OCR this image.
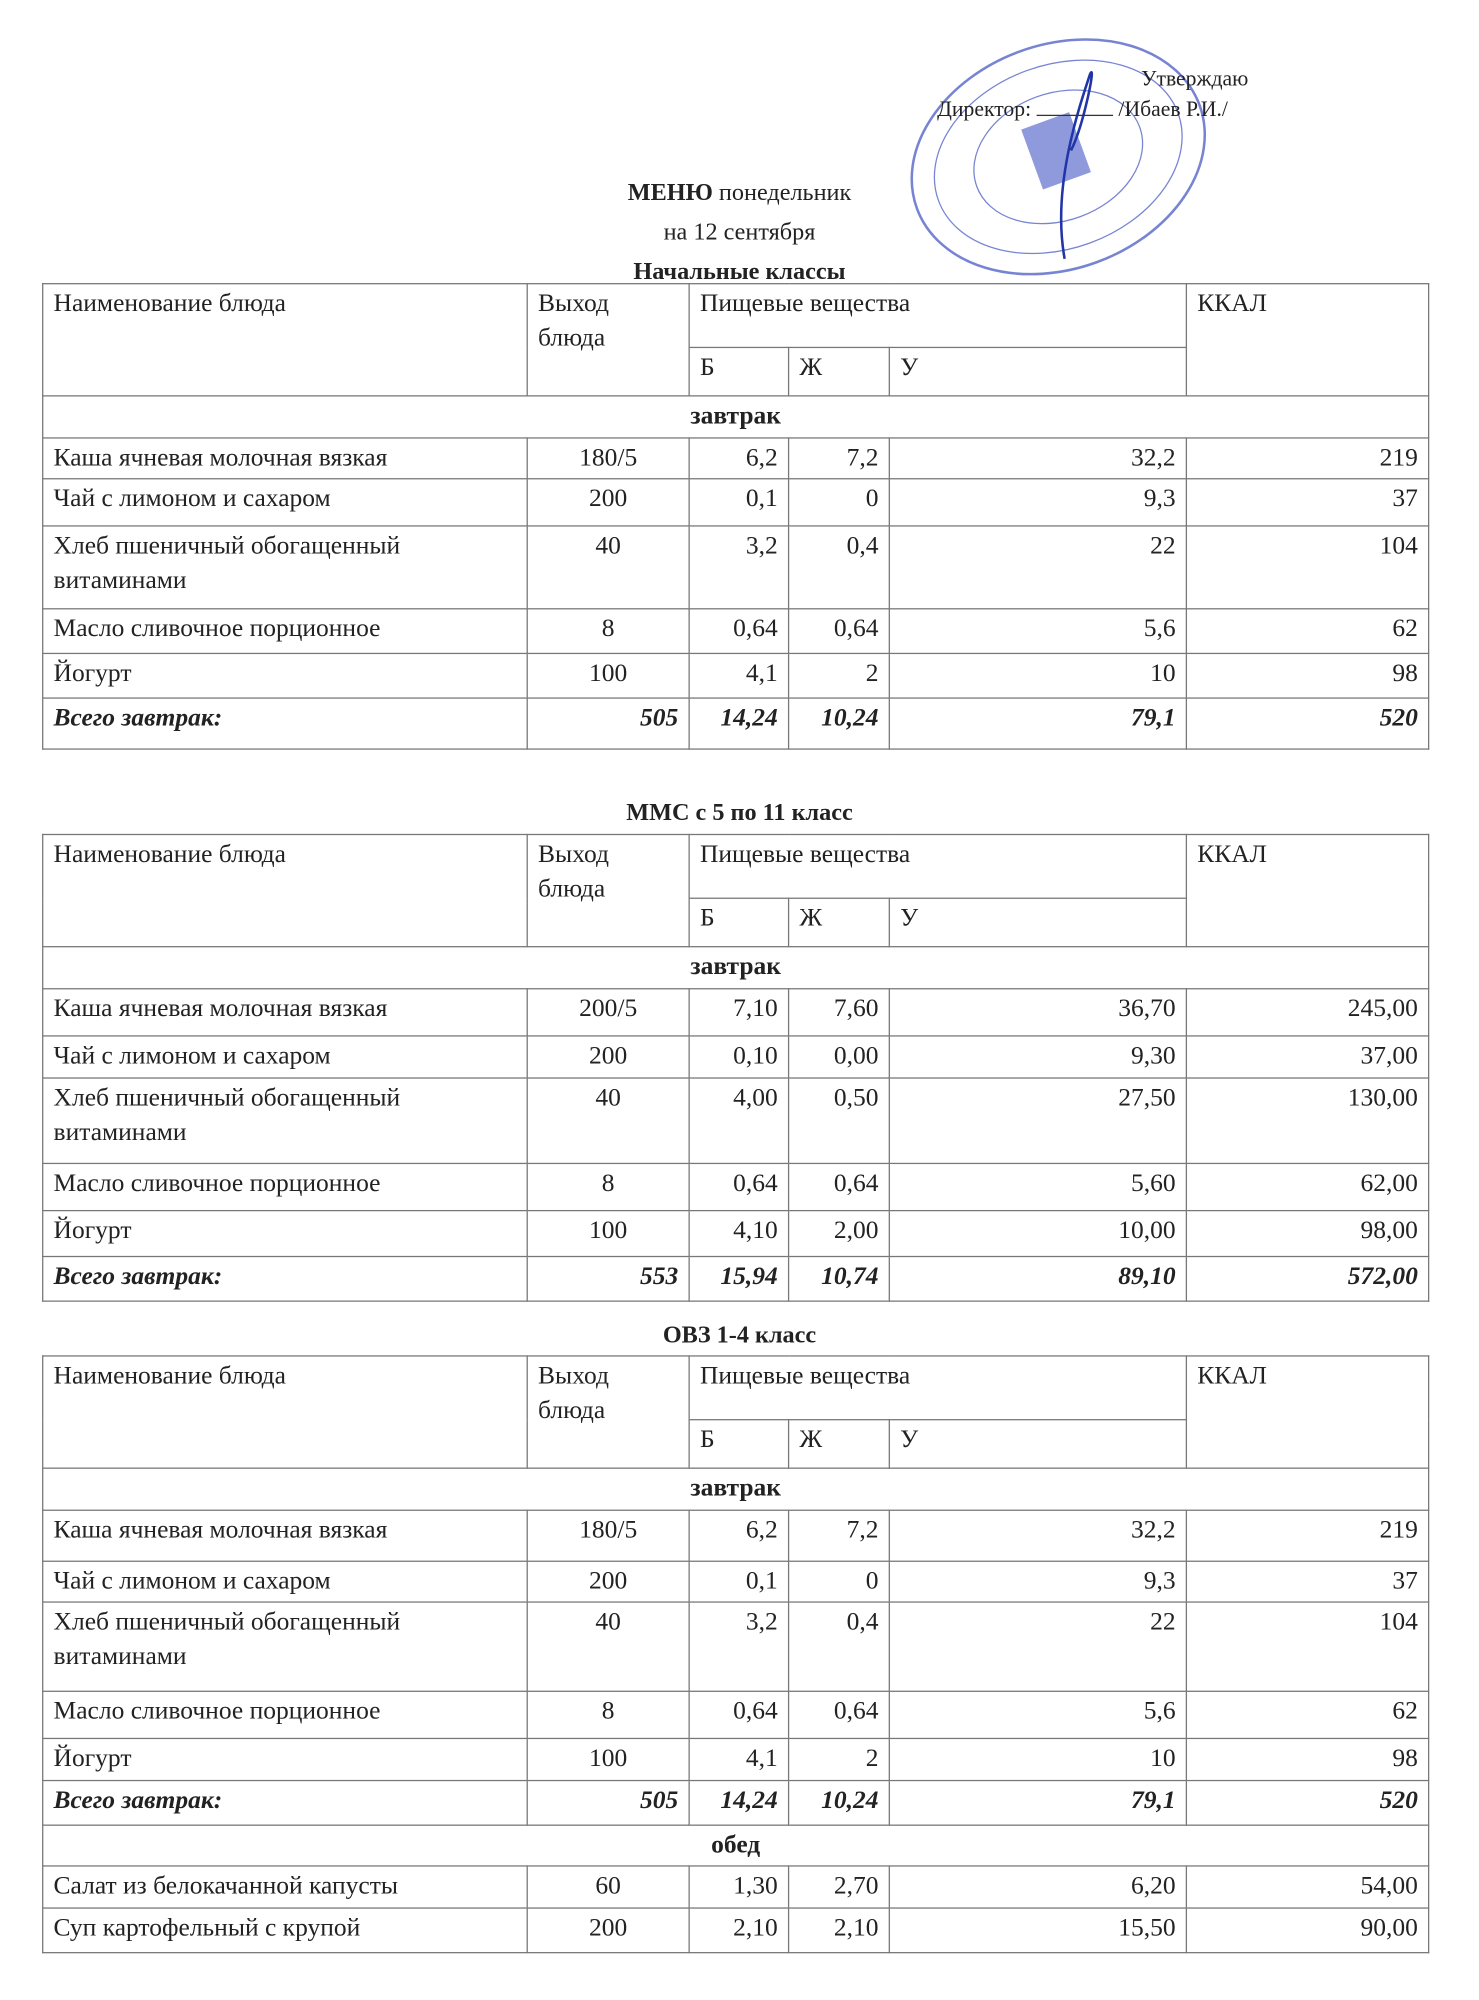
Утверждаю
Директор:	/Ибаев Р.И./
МЕНЮ понедельник
на 12 сентября
Начальные классы
Наименование блюда	Выход блюда	Пищевые вещества			ККАЛ
		Б	Ж	У	
завтрак					
Каша ячневая молочная вязкая	180/5	6,2	7,2	32,2	219
Чай с лимоном и сахаром	200	0,1	0	9,3	37
Хлеб пшеничный обогащенный витаминами	40	3,2	0,4	22	104
Масло сливочное порционное	8	0,64	0,64	5,6	62
Йогурт	100	4,1	2	10	98
Всего завтрак:	505	14,24	10,24	79,1	520
ММС с 5 по 11 класс
Наименование блюда	Выход блюда	Пищевые вещества			ККАЛ
		Б	Ж	У	
завтрак					
Каша ячневая молочная вязкая	200/5	7,10	7,60	36,70	245,00
Чай с лимоном и сахаром	200	0,10	0,00	9,30	37,00
Хлеб пшеничный обогащенный витаминами	40	4,00	0,50	27,50	130,00
Масло сливочное порционное	8	0,64	0,64	5,60	62,00
Йогурт	100	4,10	2,00	10,00	98,00
Всего завтрак:	553	15,94	10,74	89,10	572,00
ОВЗ 1-4 класс
Наименование блюда	Выход блюда	Пищевые вещества			ККАЛ
		Б	Ж	У	
завтрак					
Каша ячневая молочная вязкая	180/5	6,2	7,2	32,2	219
Чай с лимоном и сахаром	200	0,1	0	9,3	37
Хлеб пшеничный обогащенный витаминами	40	3,2	0,4	22	104
Масло сливочное порционное	8	0,64	0,64	5,6	62
Йогурт	100	4,1	2	10	98
Всего завтрак:	505	14,24	10,24	79,1	520
обед					
Салат из белокачанной капусты	60	1,30	2,70	6,20	54,00
Суп картофельный с крупой	200	2,10	2,10	15,50	90,00
